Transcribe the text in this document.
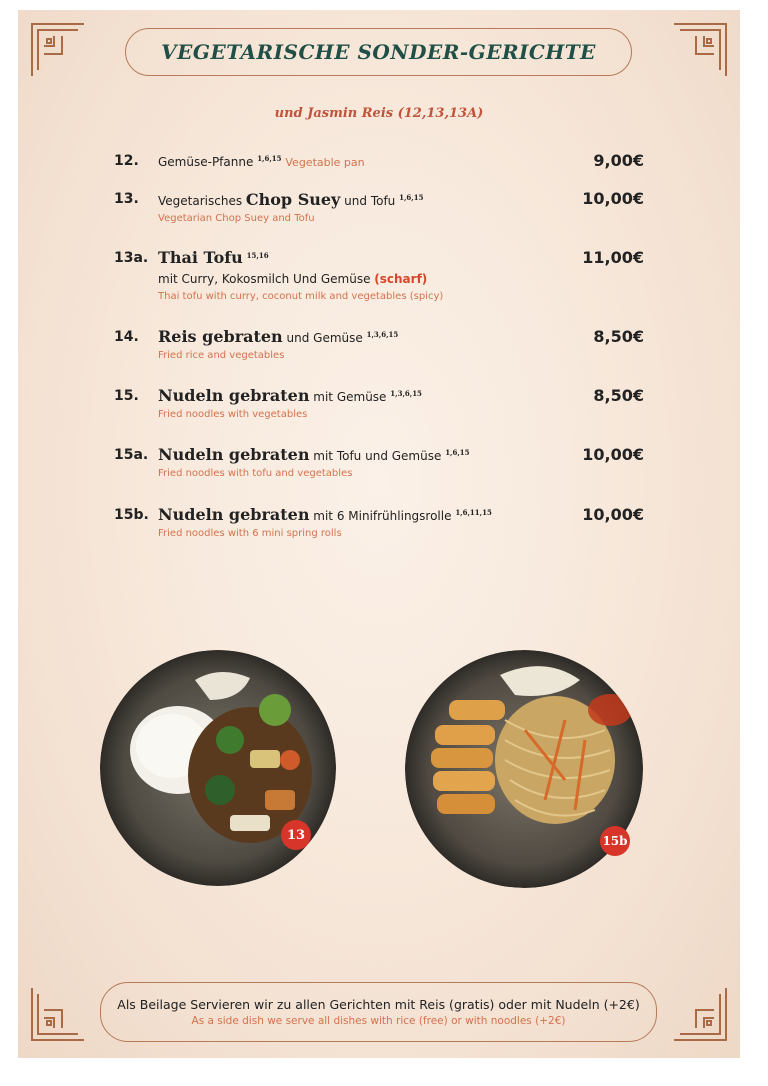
VEGETARISCHE SONDER-GERICHTE
und Jasmin Reis (12,13,13A)
12. Gemüse-Pfanne $^{1,6,15}$ Vegetable pan	9,00€
13. Vegetarisches Chop Suey und Tofu $^{1,6,15}$
Vegetarian Chop Suey and Tofu
10,00€
13a. Thai Tofu $^{15,16}$
mit Curry, Kokosmilch Und Gemüse (scharf)
Thai tofu with curry, coconut milk and vegetables (spicy)
11,00€
14. Reis gebraten und Gemüse $^{1,3,6,15}$
Fried rice and vegetables
8,50€
15. Nudeln gebraten mit Gemüse $^{1,3,6,15}$
Fried noodles with vegetables
8,50€
15a. Nudeln gebraten mit Tofu und Gemüse $^{1,6,15}$
Fried noodles with tofu and vegetables
10,00€
15b. Nudeln gebraten mit 6 Minifrühlingsrolle $^{1,6,11,15}$
Fried noodles with 6 mini spring rolls
10,00€
13	15b
Als Beilage Servieren wir zu allen Gerichten mit Reis (gratis) oder mit Nudeln (+2€)
As a side dish we serve all dishes with rice (free) or with noodles (+2€)
